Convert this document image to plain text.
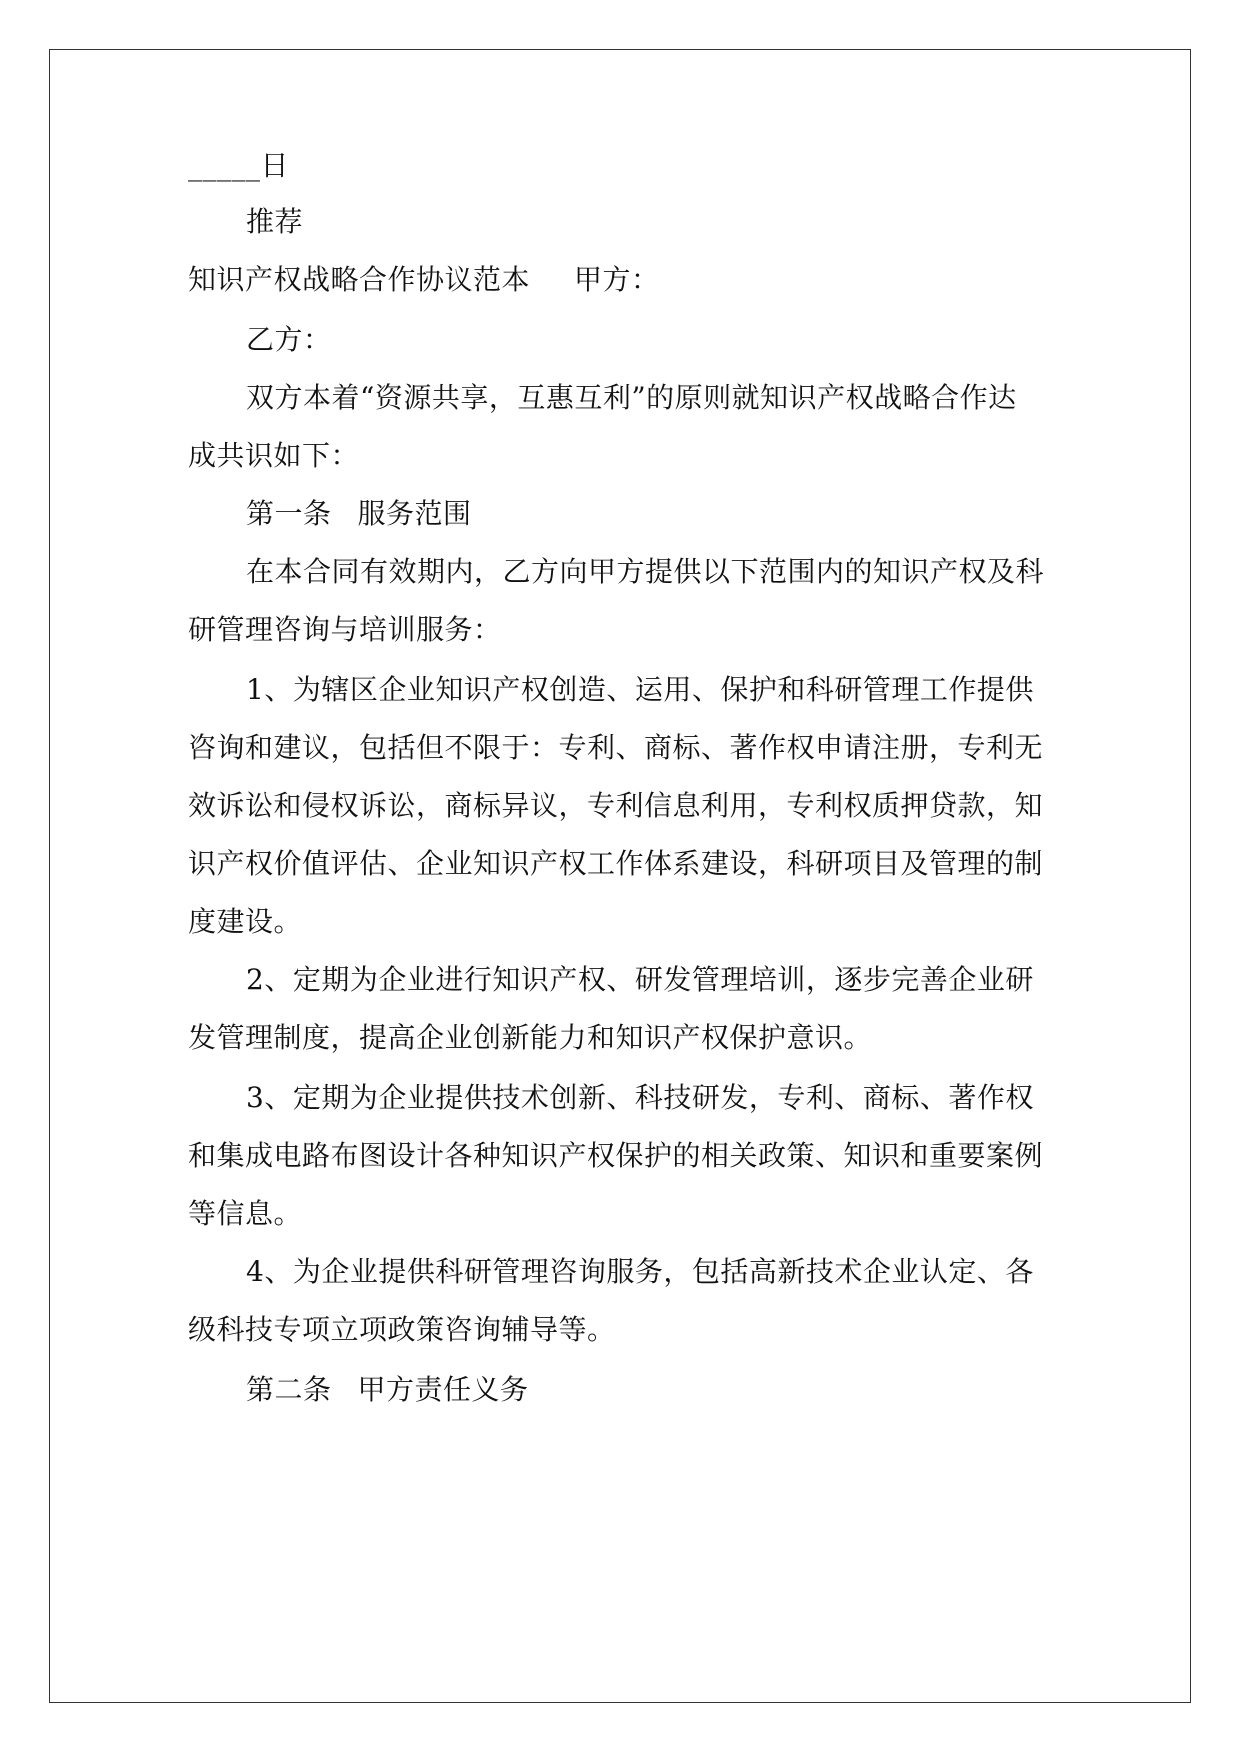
_____日
推荐
知识产权战略合作协议范本 甲方：
乙方：
双方本着“资源共享，互惠互利”的原则就知识产权战略合作达
成共识如下：
第一条 服务范围
在本合同有效期内，乙方向甲方提供以下范围内的知识产权及科
研管理咨询与培训服务：
1、为辖区企业知识产权创造、运用、保护和科研管理工作提供
咨询和建议，包括但不限于：专利、商标、著作权申请注册，专利无
效诉讼和侵权诉讼，商标异议，专利信息利用，专利权质押贷款，知
识产权价值评估、企业知识产权工作体系建设，科研项目及管理的制
度建设。
2、定期为企业进行知识产权、研发管理培训，逐步完善企业研
发管理制度，提高企业创新能力和知识产权保护意识。
3、定期为企业提供技术创新、科技研发，专利、商标、著作权
和集成电路布图设计各种知识产权保护的相关政策、知识和重要案例
等信息。
4、为企业提供科研管理咨询服务，包括高新技术企业认定、各
级科技专项立项政策咨询辅导等。
第二条 甲方责任义务
